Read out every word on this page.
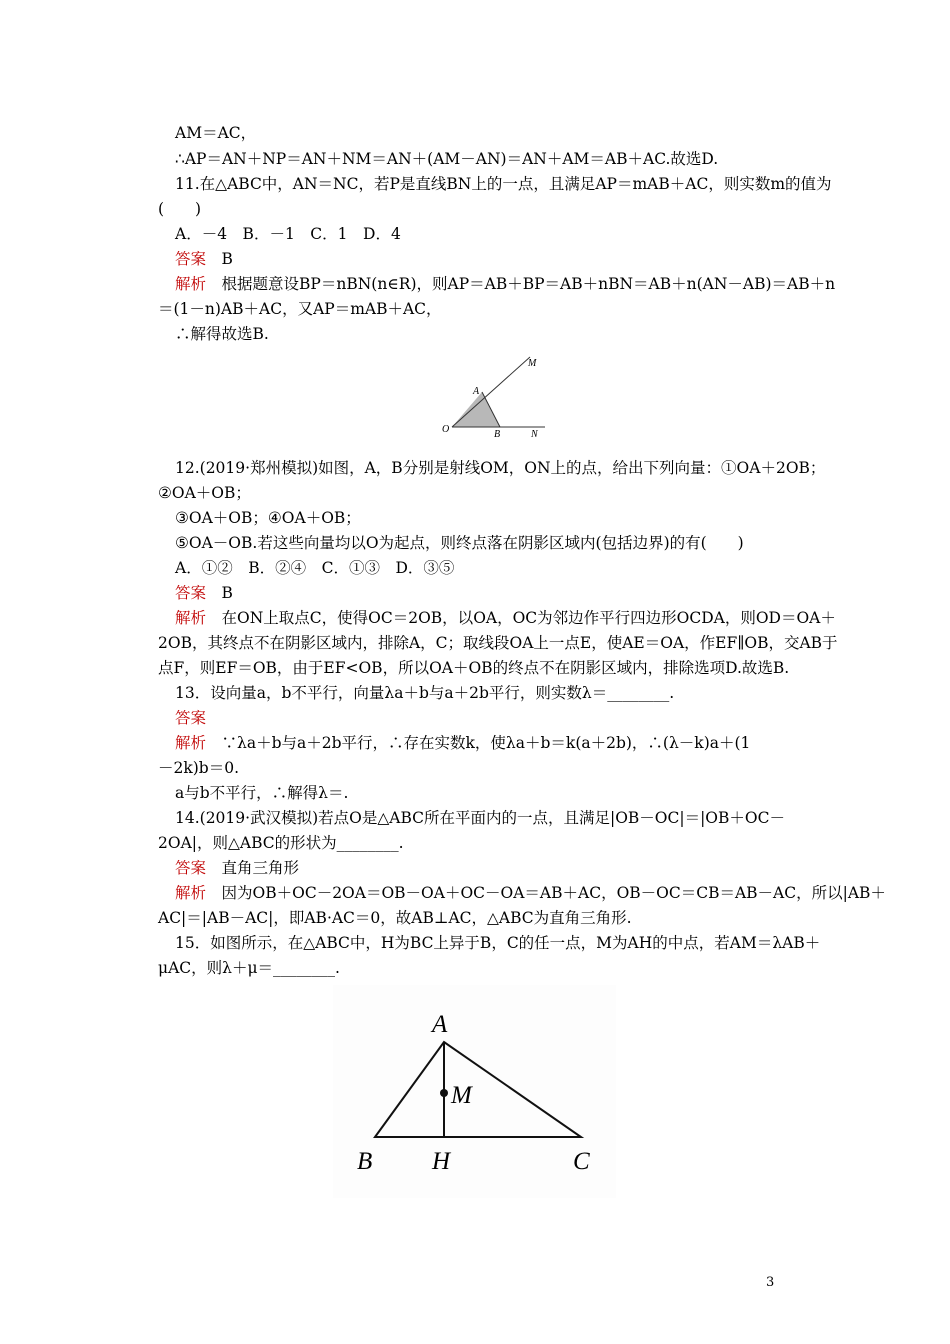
AM＝AC，
∴AP＝AN＋NP＝AN＋NM＝AN＋(AM－AN)＝AN＋AM＝AB＋AC.故选D.
11.在△ABC中，AN＝NC，若P是直线BN上的一点，且满足AP＝mAB＋AC，则实数m的值为
(　　)
A．－4　B．－1　C．1　D．4
答案　 B
解析　 根据题意设BP＝nBN(n∈R)，则AP＝AB＋BP＝AB＋nBN＝AB＋n(AN－AB)＝AB＋n
＝(1－n)AB＋AC，又AP＝mAB＋AC，
∴解得故选B.
M
A
O	B	N
12.(2019·郑州模拟)如图，A，B分别是射线OM，ON上的点，给出下列向量：①OA＋2OB；
②OA＋OB；
③OA＋OB；④OA＋OB；
⑤OA－OB.若这些向量均以O为起点，则终点落在阴影区域内(包括边界)的有(　　)
A．①②　B．②④　C．①③　D．③⑤
答案　 B
解析　 在ON上取点C，使得OC＝2OB，以OA，OC为邻边作平行四边形OCDA，则OD＝OA＋
2OB，其终点不在阴影区域内，排除A，C；取线段OA上一点E，使AE＝OA，作EF∥OB，交AB于
点F，则EF＝OB，由于EF<OB，所以OA＋OB的终点不在阴影区域内，排除选项D.故选B.
13．设向量a，b不平行，向量λa＋b与a＋2b平行，则实数λ＝________.
答案
解析　 ∵λa＋b与a＋2b平行，∴存在实数k，使λa＋b＝k(a＋2b)，∴(λ－k)a＋(1
－2k)b＝0.
a与b不平行，∴解得λ＝.
14.(2019·武汉模拟)若点O是△ABC所在平面内的一点，且满足|OB－OC|＝|OB＋OC－
2OA|，则△ABC的形状为________.
答案　 直角三角形
解析　 因为OB＋OC－2OA＝OB－OA＋OC－OA＝AB＋AC，OB－OC＝CB＝AB－AC，所以|AB＋
AC|＝|AB－AC|，即AB·AC＝0，故AB⊥AC，△ABC为直角三角形.
15．如图所示，在△ABC中，H为BC上异于B，C的任一点，M为AH的中点，若AM＝λAB＋
μAC，则λ＋μ＝________.
A
M
B H	C
3
